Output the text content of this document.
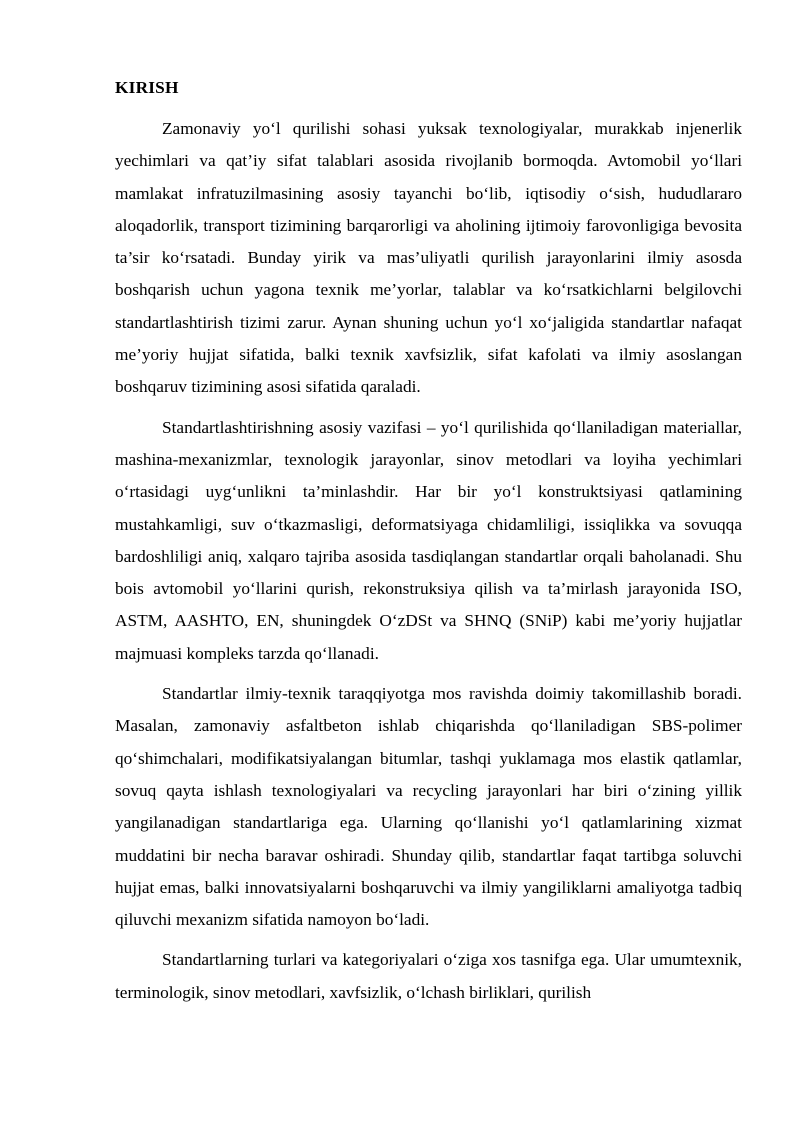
KIRISH

Zamonaviy yo‘l qurilishi sohasi yuksak texnologiyalar, murakkab injenerlik yechimlari va qat’iy sifat talablari asosida rivojlanib bormoqda. Avtomobil yo‘llari mamlakat infratuzilmasining asosiy tayanchi bo‘lib, iqtisodiy o‘sish, hududlararo aloqadorlik, transport tizimining barqarorligi va aholining ijtimoiy farovonligiga bevosita ta’sir ko‘rsatadi. Bunday yirik va mas’uliyatli qurilish jarayonlarini ilmiy asosda boshqarish uchun yagona texnik me’yorlar, talablar va ko‘rsatkichlarni belgilovchi standartlashtirish tizimi zarur. Aynan shuning uchun yo‘l xo‘jaligida standartlar nafaqat me’yoriy hujjat sifatida, balki texnik xavfsizlik, sifat kafolati va ilmiy asoslangan boshqaruv tizimining asosi sifatida qaraladi.

Standartlashtirishning asosiy vazifasi – yo‘l qurilishida qo‘llaniladigan materiallar, mashina-mexanizmlar, texnologik jarayonlar, sinov metodlari va loyiha yechimlari o‘rtasidagi uyg‘unlikni ta’minlashdir. Har bir yo‘l konstruktsiyasi qatlamining mustahkamligi, suv o‘tkazmasligi, deformatsiyaga chidamliligi, issiqlikka va sovuqqa bardoshliligi aniq, xalqaro tajriba asosida tasdiqlangan standartlar orqali baholanadi. Shu bois avtomobil yo‘llarini qurish, rekonstruksiya qilish va ta’mirlash jarayonida ISO, ASTM, AASHTO, EN, shuningdek O‘zDSt va SHNQ (SNiP) kabi me’yoriy hujjatlar majmuasi kompleks tarzda qo‘llanadi.

Standartlar ilmiy-texnik taraqqiyotga mos ravishda doimiy takomillashib boradi. Masalan, zamonaviy asfaltbeton ishlab chiqarishda qo‘llaniladigan SBS-polimer qo‘shimchalari, modifikatsiyalangan bitumlar, tashqi yuklamaga mos elastik qatlamlar, sovuq qayta ishlash texnologiyalari va recycling jarayonlari har biri o‘zining yillik yangilanadigan standartlariga ega. Ularning qo‘llanishi yo‘l qatlamlarining xizmat muddatini bir necha baravar oshiradi. Shunday qilib, standartlar faqat tartibga soluvchi hujjat emas, balki innovatsiyalarni boshqaruvchi va ilmiy yangiliklarni amaliyotga tadbiq qiluvchi mexanizm sifatida namoyon bo‘ladi.

Standartlarning turlari va kategoriyalari o‘ziga xos tasnifga ega. Ular umumtexnik, terminologik, sinov metodlari, xavfsizlik, o‘lchash birliklari, qurilish
